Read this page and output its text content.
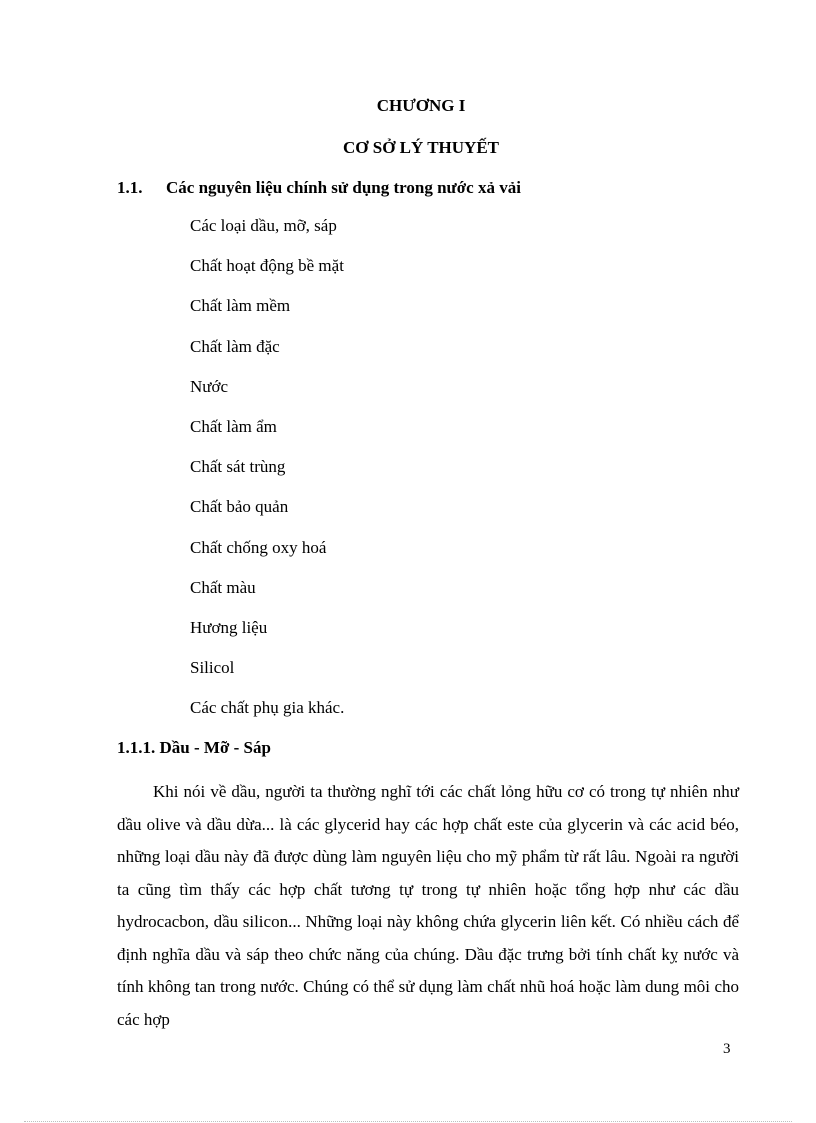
CHƯƠNG I
CƠ SỞ LÝ THUYẾT
1.1. Các nguyên liệu chính sử dụng trong nước xả vải
Các loại dầu, mỡ, sáp
Chất hoạt động bề mặt
Chất làm mềm
Chất làm đặc
Nước
Chất làm ẩm
Chất sát trùng
Chất bảo quản
Chất chống oxy hoá
Chất màu
Hương liệu
Silicol
Các chất phụ gia khác.
1.1.1. Dầu - Mỡ - Sáp

Khi nói về dầu, người ta thường nghĩ tới các chất lỏng hữu cơ có trong tự nhiên như dầu olive và dầu dừa... là các glycerid hay các hợp chất este của glycerin và các acid béo, những loại dầu này đã được dùng làm nguyên liệu cho mỹ phẩm từ rất lâu. Ngoài ra người ta cũng tìm thấy các hợp chất tương tự trong tự nhiên hoặc tổng hợp như các dầu hydrocacbon, dầu silicon... Những loại này không chứa glycerin liên kết. Có nhiều cách để định nghĩa dầu và sáp theo chức năng của chúng. Dầu đặc trưng bởi tính chất kỵ nước và tính không tan trong nước. Chúng có thể sử dụng làm chất nhũ hoá hoặc làm dung môi cho các hợp

3
